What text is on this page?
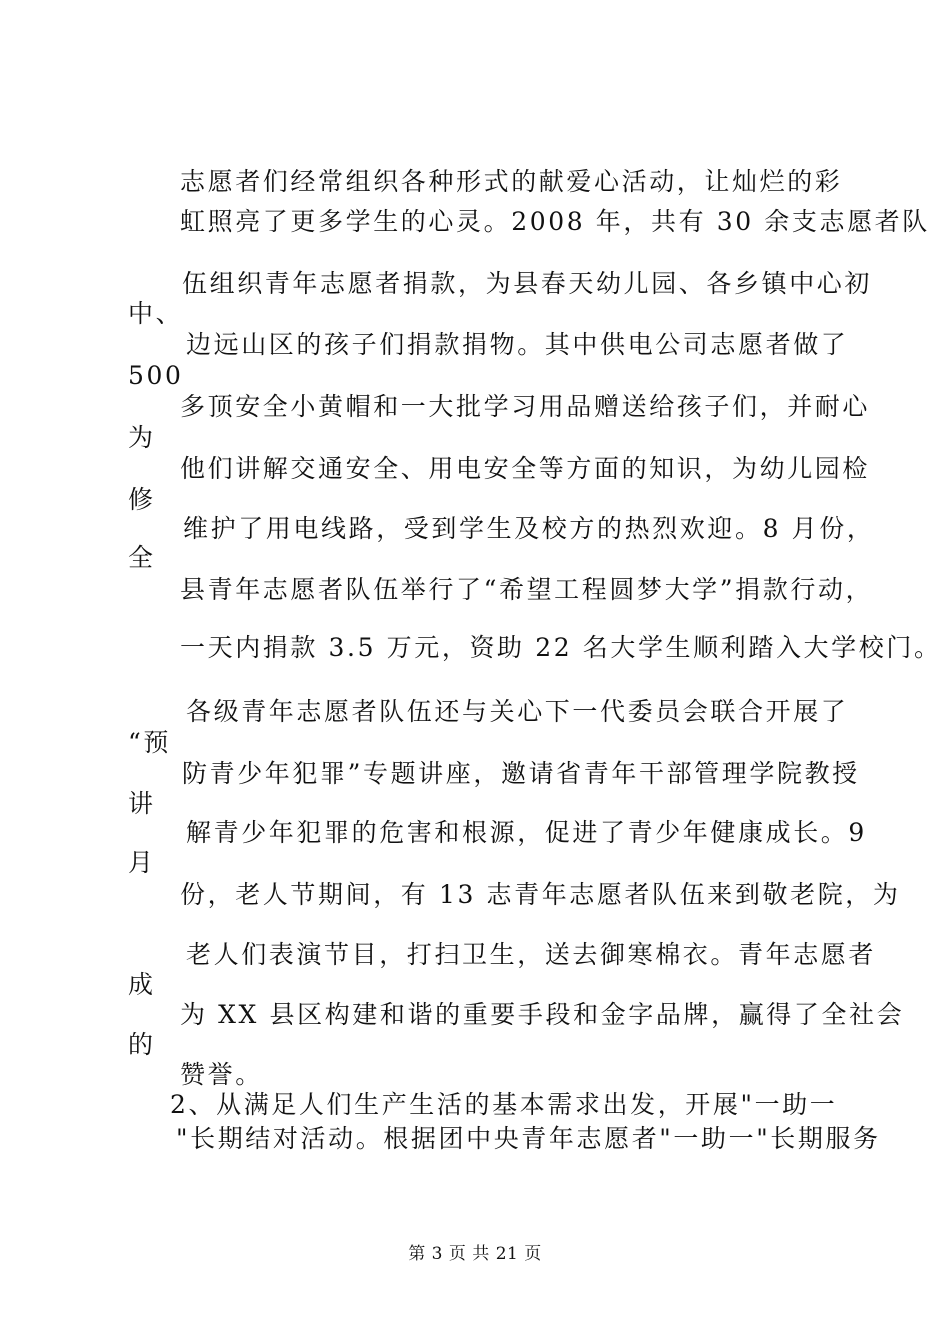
志愿者们经常组织各种形式的献爱心活动，让灿烂的彩
虹照亮了更多学生的心灵。2008 年，共有 30 余支志愿者队
伍组织青年志愿者捐款，为县春天幼儿园、各乡镇中心初
中、
边远山区的孩子们捐款捐物。其中供电公司志愿者做了
500
多顶安全小黄帽和一大批学习用品赠送给孩子们，并耐心
为
他们讲解交通安全、用电安全等方面的知识，为幼儿园检
修
维护了用电线路，受到学生及校方的热烈欢迎。8 月份，
全
县青年志愿者队伍举行了“希望工程圆梦大学”捐款行动，
一天内捐款 3.5 万元，资助 22 名大学生顺利踏入大学校门。
各级青年志愿者队伍还与关心下一代委员会联合开展了
“预
防青少年犯罪”专题讲座，邀请省青年干部管理学院教授
讲
解青少年犯罪的危害和根源，促进了青少年健康成长。9
月
份，老人节期间，有 13 志青年志愿者队伍来到敬老院，为
老人们表演节目，打扫卫生，送去御寒棉衣。青年志愿者
成
为 XX 县区构建和谐的重要手段和金字品牌，赢得了全社会
的
赞誉。
2、从满足人们生产生活的基本需求出发，开展"一助一
"长期结对活动。根据团中央青年志愿者"一助一"长期服务
第 3 页 共 21 页
